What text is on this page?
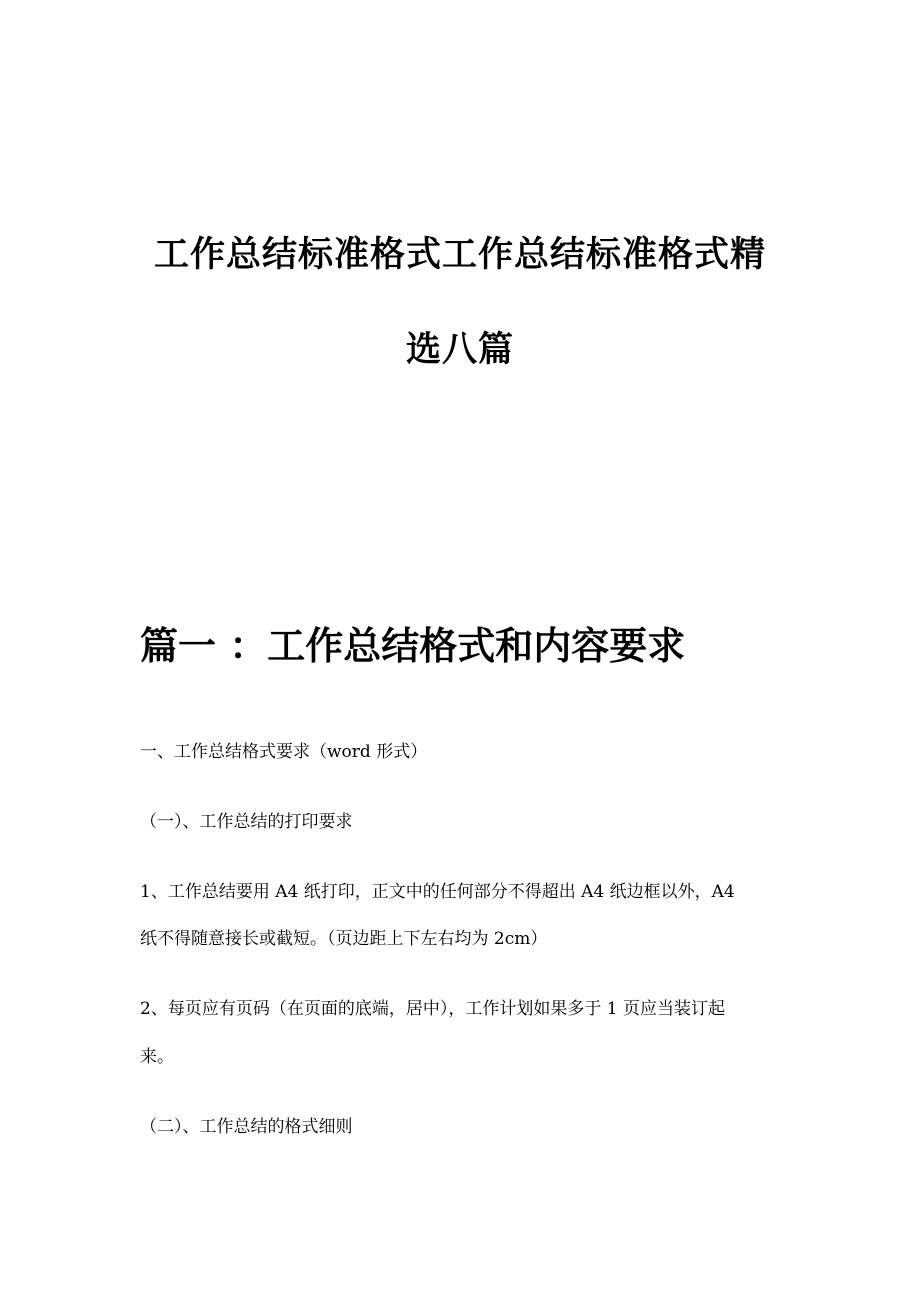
工作总结标准格式工作总结标准格式精
选八篇
篇一 ：工作总结格式和内容要求
一、工作总结格式要求（word 形式）
（一）、工作总结的打印要求
1、工作总结要用 A4 纸打印，正文中的任何部分不得超出 A4 纸边框以外，A4
纸不得随意接长或截短。（页边距上下左右均为 2cm）
2、每页应有页码（在页面的底端，居中），工作计划如果多于 1 页应当装订起
来。
（二）、工作总结的格式细则
